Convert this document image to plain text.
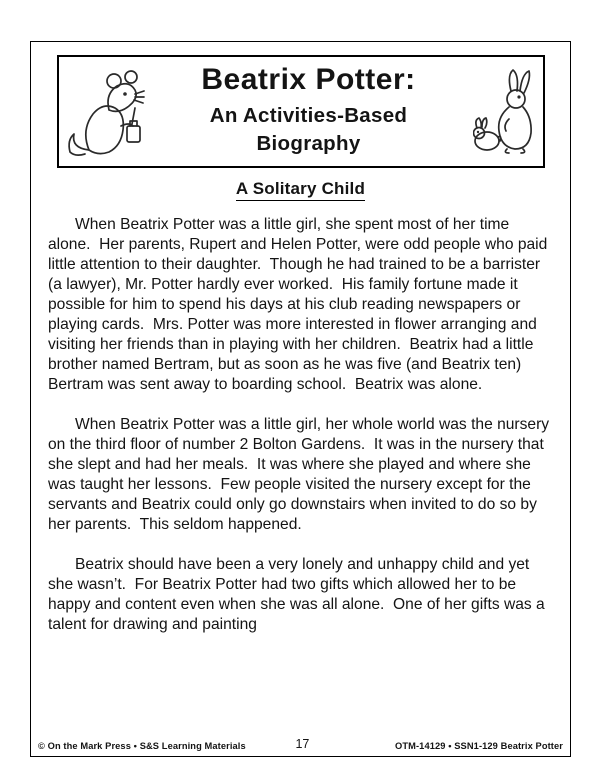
Beatrix Potter:
An Activities-Based
Biography
A Solitary Child

When Beatrix Potter was a little girl, she spent most of her time alone.  Her parents, Rupert and Helen Potter, were odd people who paid little attention to their daughter.  Though he had trained to be a barrister (a lawyer), Mr. Potter hardly ever worked.  His family fortune made it possible for him to spend his days at his club reading newspapers or playing cards.  Mrs. Potter was more interested in flower arranging and visiting her friends than in playing with her children.  Beatrix had a little brother named Bertram, but as soon as he was five (and Beatrix ten) Bertram was sent away to boarding school.  Beatrix was alone.

When Beatrix Potter was a little girl, her whole world was the nursery on the third floor of number 2 Bolton Gardens.  It was in the nursery that she slept and had her meals.  It was where she played and where she was taught her lessons.  Few people visited the nursery except for the servants and Beatrix could only go downstairs when invited to do so by her parents.  This seldom happened.

Beatrix should have been a very lonely and unhappy child and yet she wasn’t.  For Beatrix Potter had two gifts which allowed her to be happy and content even when she was all alone.  One of her gifts was a talent for drawing and painting

© On the Mark Press • S&S Learning Materials	17	OTM-14129 • SSN1-129 Beatrix Potter
